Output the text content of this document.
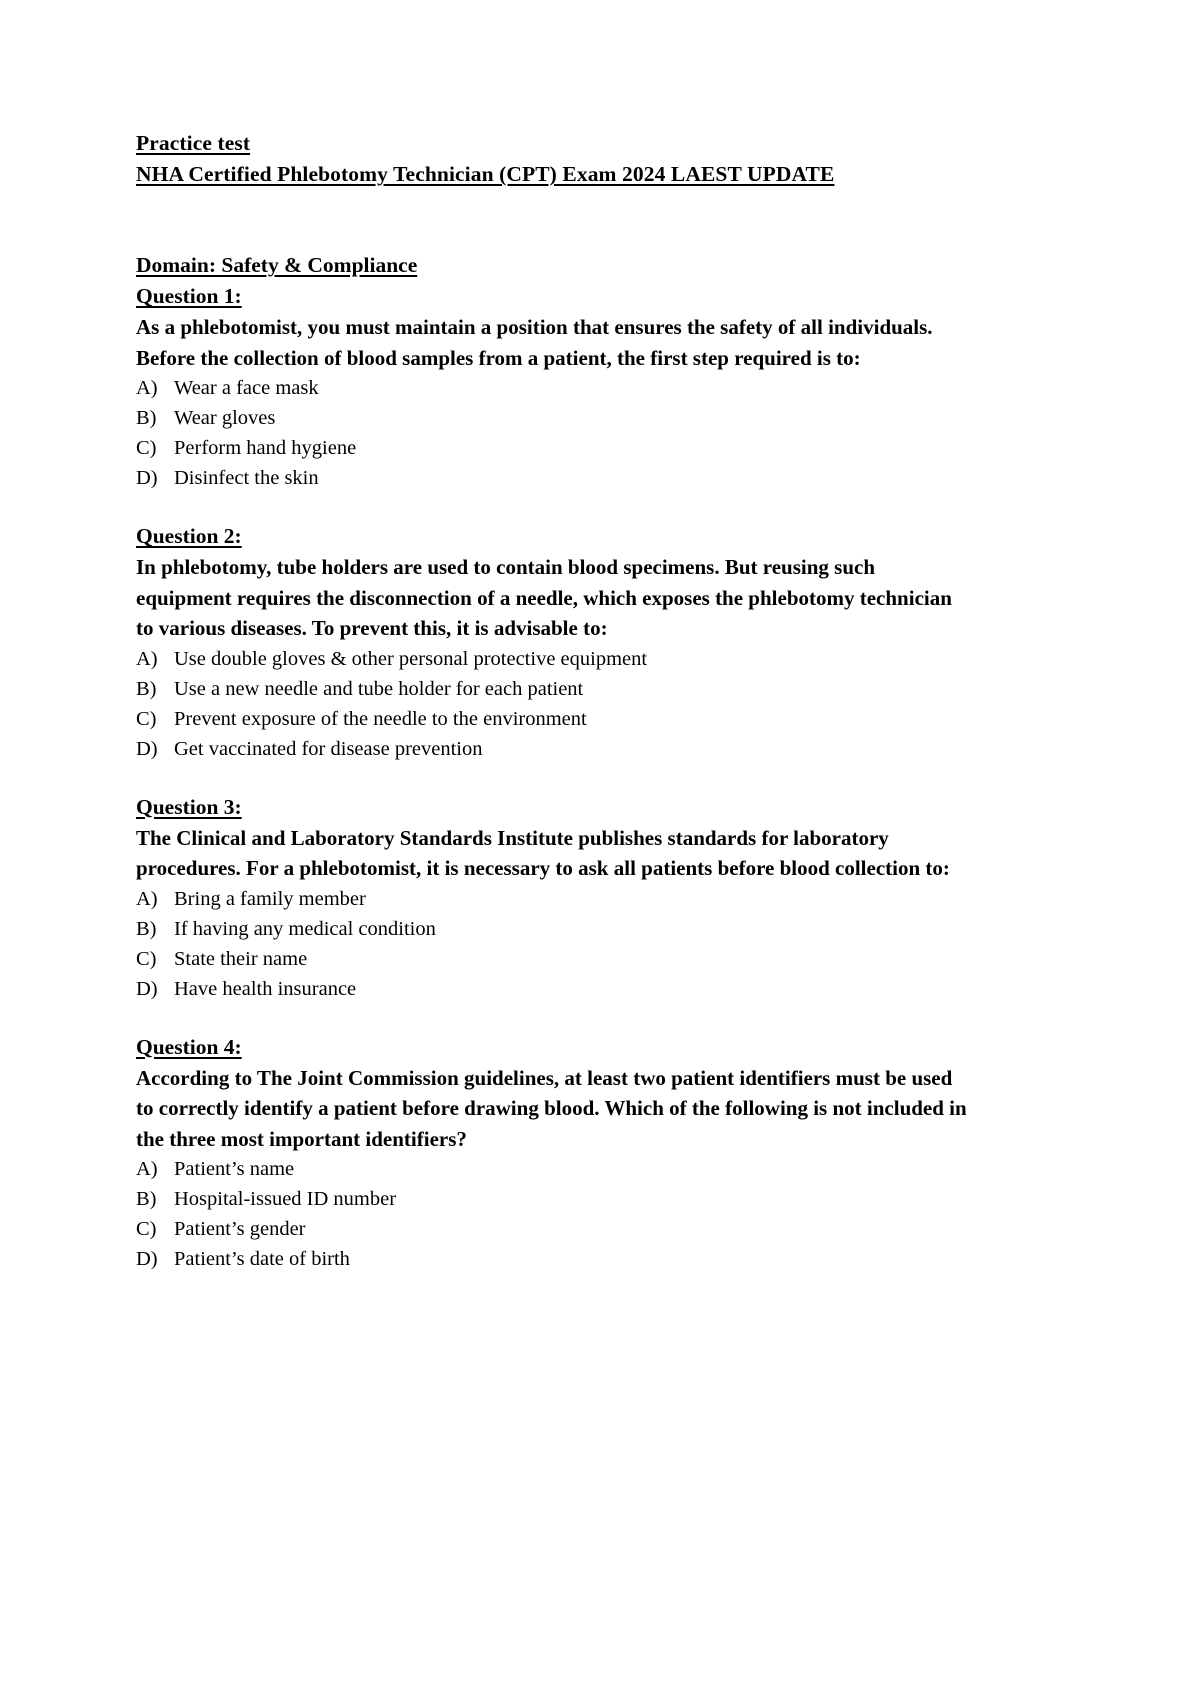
Practice test
NHA Certified Phlebotomy Technician (CPT) Exam 2024 LAEST UPDATE
Domain: Safety & Compliance
Question 1:

As a phlebotomist, you must maintain a position that ensures the safety of all individuals. Before the collection of blood samples from a patient, the first step required is to:

A) Wear a face mask
B) Wear gloves
C) Perform hand hygiene
D) Disinfect the skin
Question 2:

In phlebotomy, tube holders are used to contain blood specimens. But reusing such equipment requires the disconnection of a needle, which exposes the phlebotomy technician to various diseases. To prevent this, it is advisable to:

A) Use double gloves & other personal protective equipment
B) Use a new needle and tube holder for each patient
C) Prevent exposure of the needle to the environment
D) Get vaccinated for disease prevention
Question 3:

The Clinical and Laboratory Standards Institute publishes standards for laboratory procedures. For a phlebotomist, it is necessary to ask all patients before blood collection to:

A) Bring a family member
B) If having any medical condition
C) State their name
D) Have health insurance
Question 4:

According to The Joint Commission guidelines, at least two patient identifiers must be used to correctly identify a patient before drawing blood. Which of the following is not included in the three most important identifiers?

A) Patient’s name
B) Hospital-issued ID number
C) Patient’s gender
D) Patient’s date of birth
